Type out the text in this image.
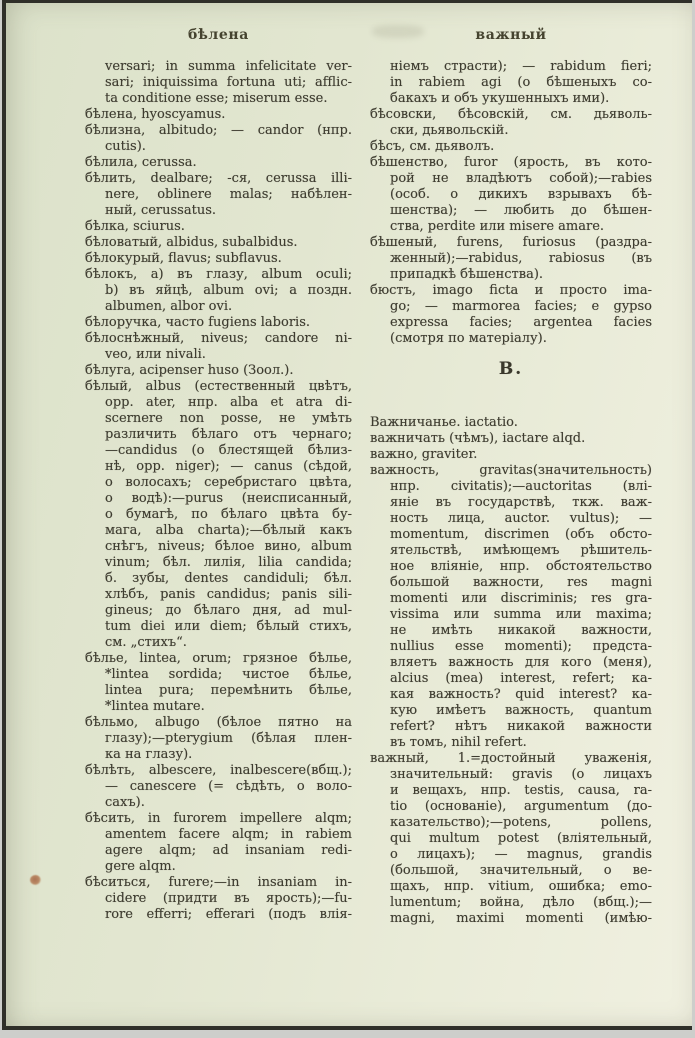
бѣлена	важный
versari; in summa infelicitate ver-
sari; iniquissima fortuna uti; afflic-
ta conditione esse; miserum esse.
бѣлена, hyoscyamus.
бѣлизна, albitudo; — candor (нпр.
cutis).
бѣлила, cerussa.
бѣлить, dealbare; -ся, cerussa illi-
nere, oblinere malas; набѣлен-
ный, cerussatus.
бѣлка, sciurus.
бѣловатый, albidus, subalbidus.
бѣлокурый, flavus; subflavus.
бѣлокъ, a) въ глазу, album oculi;
b) въ яйцѣ, album ovi; а поздн.
albumen, albor ovi.
бѣлоручка, часто fugiens laboris.
бѣлоснѣжный, niveus; candore ni-
veo, или nivali.
бѣлуга, acipenser huso (Зоол.).
бѣлый, albus (естественный цвѣтъ,
opp. ater, нпр. alba et atra di-
scernere non posse, не умѣть
различить бѣлаго отъ чернаго;
—candidus (о блестящей бѣлиз-
нѣ, opp. niger); — canus (сѣдой,
о волосахъ; серебристаго цвѣта,
о водѣ):—purus (неисписанный,
о бумагѣ, по бѣлаго цвѣта бу-
мага, alba charta);—бѣлый какъ
снѣгъ, niveus; бѣлое вино, album
vinum; бѣл. лилія, lilia candida;
б. зубы, dentes candiduli; бѣл.
хлѣбъ, panis candidus; panis sili-
gineus; до бѣлаго дня, ad mul-
tum diei или diem; бѣлый стихъ,
см. „стихъ“.
бѣлье, lintea, orum; грязное бѣлье,
*lintea sordida; чистое бѣлье,
lintea pura; перемѣнить бѣлье,
*lintea mutare.
бѣльмо, albugo (бѣлое пятно на
глазу);—pterygium (бѣлая плен-
ка на глазу).
бѣлѣть, albescere, inalbescere(вбщ.);
— canescere (= сѣдѣть, о воло-
сахъ).
бѣсить, in furorem impellere alqm;
amentem facere alqm; in rabiem
agere alqm; ad insaniam redi-
gere alqm.
бѣситься, furere;—in insaniam in-
cidere (придти въ ярость);—fu-
rore efferri; efferari (подъ влія-
ніемъ страсти); — rabidum fieri;
in rabiem agi (о бѣшеныхъ со-
бакахъ и объ укушенныхъ ими).
бѣсовски, бѣсовскій, см. дьяволь-
ски, дьявольскій.
бѣсъ, см. дьяволъ.
бѣшенство, furor (ярость, въ кото-
рой не владѣютъ собой);—rabies
(особ. о дикихъ взрывахъ бѣ-
шенства); — любить до бѣшен-
ства, perdite или misere amare.
бѣшеный, furens, furiosus (раздра-
женный);—rabidus, rabiosus (въ
припадкѣ бѣшенства).
бюстъ, imago ficta и просто ima-
go; — marmorea facies; e gypso
expressa facies; argentea facies
(смотря по матеріалу).
В.
Важничанье. iactatio.
важничать (чѣмъ), iactare alqd.
важно, graviter.
важность, gravitas(значительность)
нпр. civitatis);—auctoritas (влі-
яніе въ государствѣ, ткж. важ-
ность лица, auctor. vultus); —
momentum, discrimen (объ обсто-
ятельствѣ, имѣющемъ рѣшитель-
ное вліяніе, нпр. обстоятельство
большой важности, res magni
momenti или discriminis; res gra-
vissima или summa или maxima;
не имѣть никакой важности,
nullius esse momenti); предста-
вляетъ важность для кого (меня),
alcius (mea) interest, refert; ка-
кая важность? quid interest? ка-
кую имѣетъ важность, quantum
refert? нѣтъ никакой важности
въ томъ, nihil refert.
важный, 1.=достойный уваженія,
значительный: gravis (о лицахъ
и вещахъ, нпр. testis, causa, ra-
tio (основаніе), argumentum (до-
казательство);—potens, pollens,
qui multum potest (вліятельный,
о лицахъ); — magnus, grandis
(большой, значительный, о ве-
щахъ, нпр. vitium, ошибка; emo-
lumentum; война, дѣло (вбщ.);—
magni, maximi momenti (имѣю-
